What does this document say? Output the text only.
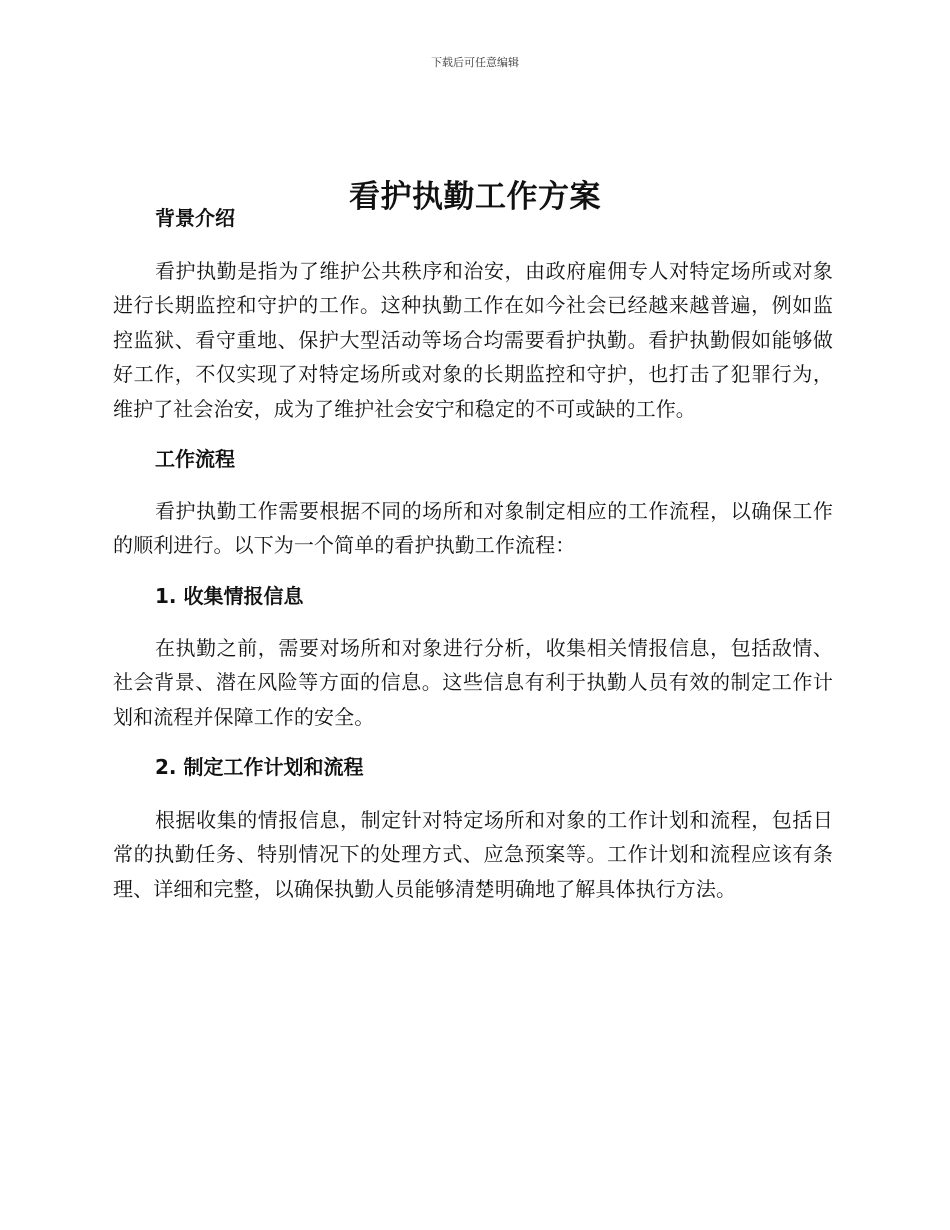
下载后可任意编辑
看护执勤工作方案
背景介绍

看护执勤是指为了维护公共秩序和治安，由政府雇佣专人对特定场所或对象进行长期监控和守护的工作。这种执勤工作在如今社会已经越来越普遍，例如监控监狱、看守重地、保护大型活动等场合均需要看护执勤。看护执勤假如能够做好工作，不仅实现了对特定场所或对象的长期监控和守护，也打击了犯罪行为，维护了社会治安，成为了维护社会安宁和稳定的不可或缺的工作。

工作流程

看护执勤工作需要根据不同的场所和对象制定相应的工作流程，以确保工作的顺利进行。以下为一个简单的看护执勤工作流程：

1. 收集情报信息

在执勤之前，需要对场所和对象进行分析，收集相关情报信息，包括敌情、社会背景、潜在风险等方面的信息。这些信息有利于执勤人员有效的制定工作计划和流程并保障工作的安全。

2. 制定工作计划和流程

根据收集的情报信息，制定针对特定场所和对象的工作计划和流程，包括日常的执勤任务、特别情况下的处理方式、应急预案等。工作计划和流程应该有条理、详细和完整，以确保执勤人员能够清楚明确地了解具体执行方法。
